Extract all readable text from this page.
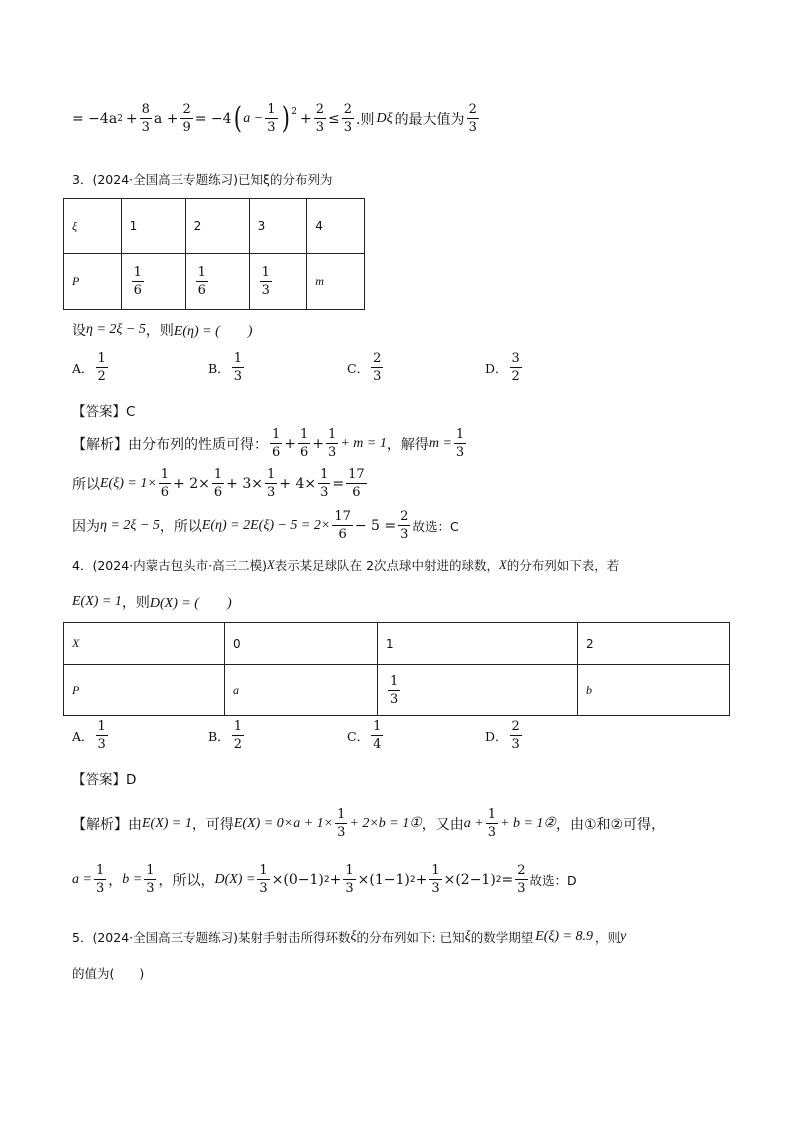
= −4a $2 + \frac{8}{3}$ $a + \frac{2}{9} = -4$ ( $a - \frac{1}{3} )^2 + \frac{2}{3} \le \frac{2}{3}$ .则 Dξ 的最大值为 $\frac{2}{3}$
3．(2024·全国高三专题练习)已知ξ的分布列为
ξ	1	2	3	4
P	$\frac{1}{6}$	$\frac{1}{6}$	$\frac{1}{3}$	m
设 η = 2ξ − 5 ，则 E(η) = (　　)
A． $\frac{1}{2}$	B． $\frac{1}{3}$	C． $\frac{2}{3}$	D． $\frac{3}{2}$
【答案】C
【解析】由分布列的性质可得： $\frac{1}{6} + \frac{1}{6} + \frac{1}{3} + m = 1$ ，解得 $m = \frac{1}{3}$
所以 $E(\xi) = 1\times \frac{1}{6} + 2\times \frac{1}{6} + 3\times \frac{1}{3} + 4\times \frac{1}{3} = \frac{17}{6}$
因为 η = 2ξ − 5 ，所以 $E(\eta) = 2E(\xi) - 5 = 2\times \frac{17}{6} - 5 = \frac{2}{3}$ 故选：C
4．(2024·内蒙古包头市·高三二模) X 表示某足球队在 2次点球中射进的球数， X 的分布列如下表，若
E(X) = 1 ，则 D(X) = (　　)
X	0	1	2
P	a	$\frac{1}{3}$	b
A． $\frac{1}{3}$	B． $\frac{1}{2}$	C． $\frac{1}{4}$	D． $\frac{2}{3}$
【答案】D
【解析】由 E(X) = 1 ，可得 $E(X) = 0\times a + 1\times \frac{1}{3} + 2\times b$ = 1① ，又由 $a + \frac{1}{3} + b$ = 1② ，由①和②可得，
$a = \frac{1}{3}$ ， $b = \frac{1}{3}$ ，所以， $D(X) = \frac{1}{3} \times(0-1) 2 + \frac{1}{3} \times(1-1) 2 + \frac{1}{3} \times(2-1) 2 = \frac{2}{3}$ 故选：D
5．(2024·全国高三专题练习)某射手射击所得环数 ξ 的分布列如下: 已知 ξ 的数学期望 E(ξ) = 8.9 ，则 y
的值为(　　)
